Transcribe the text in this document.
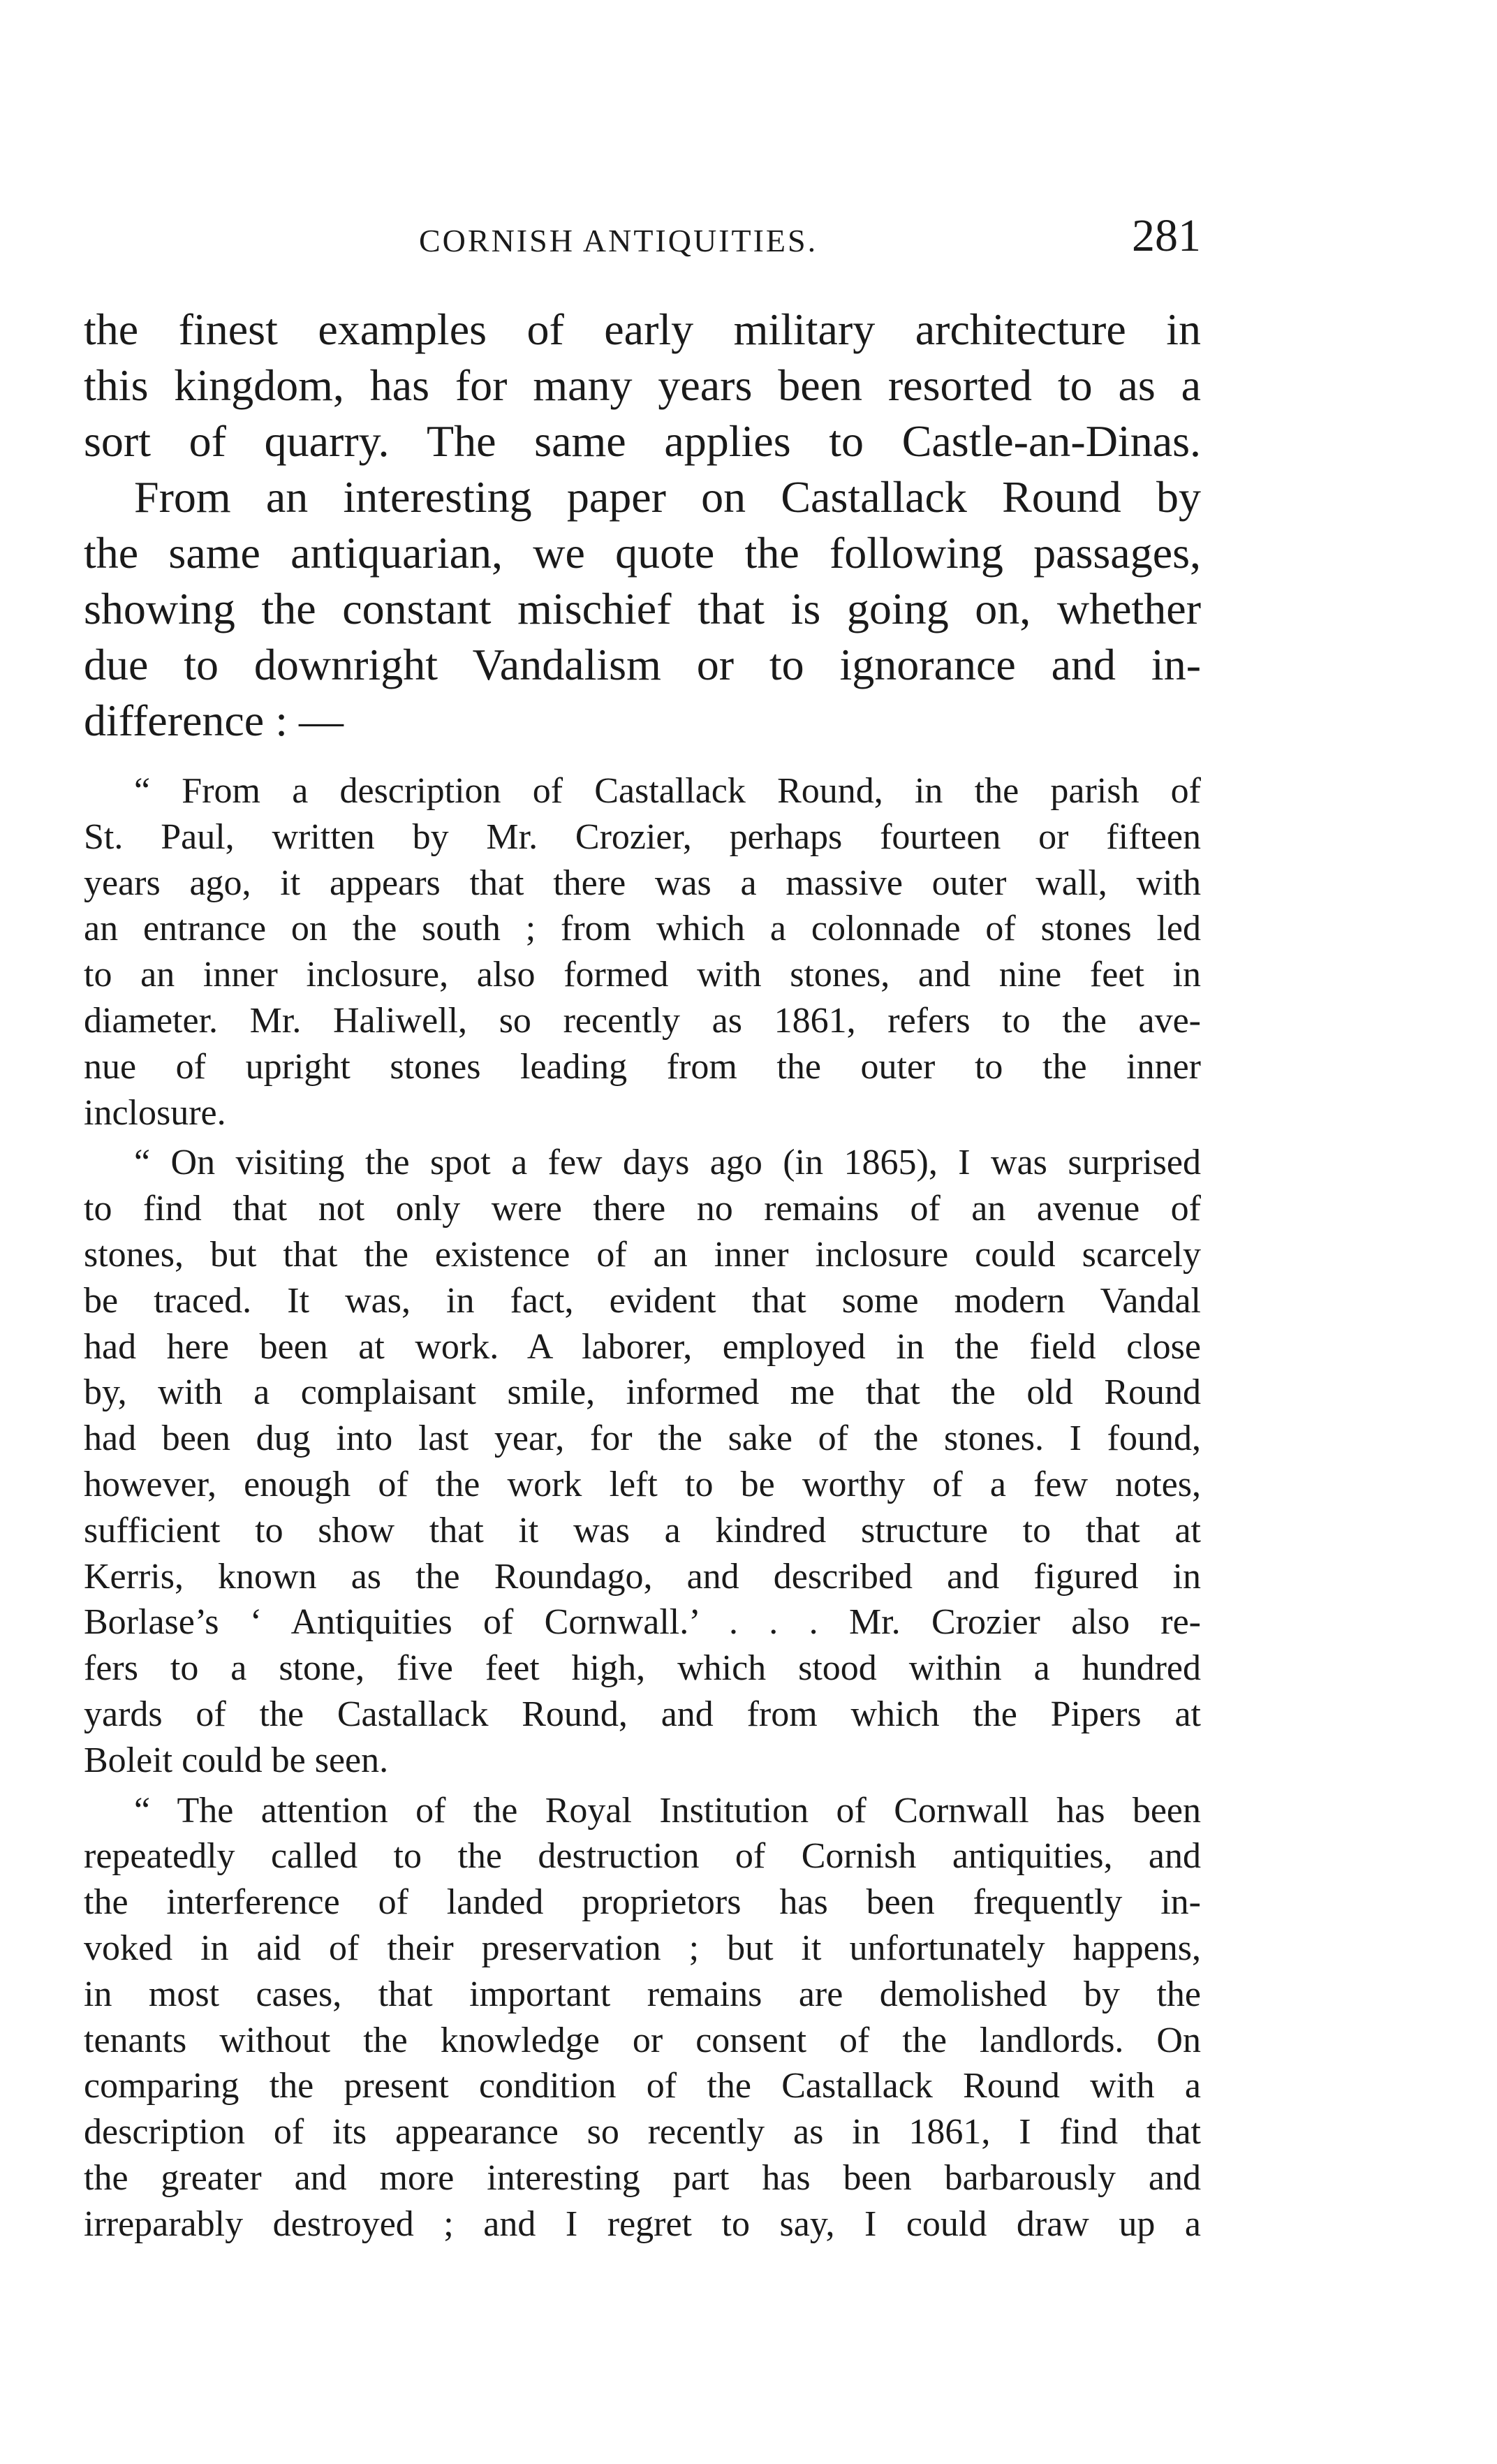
CORNISH ANTIQUITIES.	281
the finest examples of early military architecture in
this kingdom, has for many years been resorted to as a
sort of quarry. The same applies to Castle-an-Dinas.
From an interesting paper on Castallack Round by
the same antiquarian, we quote the following passages,
showing the constant mischief that is going on, whether
due to downright Vandalism or to ignorance and in-
difference : —
“ From a description of Castallack Round, in the parish of
St. Paul, written by Mr. Crozier, perhaps fourteen or fifteen
years ago, it appears that there was a massive outer wall, with
an entrance on the south ; from which a colonnade of stones led
to an inner inclosure, also formed with stones, and nine feet in
diameter. Mr. Haliwell, so recently as 1861, refers to the ave-
nue of upright stones leading from the outer to the inner
inclosure.
“ On visiting the spot a few days ago (in 1865), I was surprised
to find that not only were there no remains of an avenue of
stones, but that the existence of an inner inclosure could scarcely
be traced. It was, in fact, evident that some modern Vandal
had here been at work. A laborer, employed in the field close
by, with a complaisant smile, informed me that the old Round
had been dug into last year, for the sake of the stones. I found,
however, enough of the work left to be worthy of a few notes,
sufficient to show that it was a kindred structure to that at
Kerris, known as the Roundago, and described and figured in
Borlase’s ‘ Antiquities of Cornwall.’ . . . Mr. Crozier also re-
fers to a stone, five feet high, which stood within a hundred
yards of the Castallack Round, and from which the Pipers at
Boleit could be seen.
“ The attention of the Royal Institution of Cornwall has been
repeatedly called to the destruction of Cornish antiquities, and
the interference of landed proprietors has been frequently in-
voked in aid of their preservation ; but it unfortunately happens,
in most cases, that important remains are demolished by the
tenants without the knowledge or consent of the landlords. On
comparing the present condition of the Castallack Round with a
description of its appearance so recently as in 1861, I find that
the greater and more interesting part has been barbarously and
irreparably destroyed ; and I regret to say, I could draw up a
